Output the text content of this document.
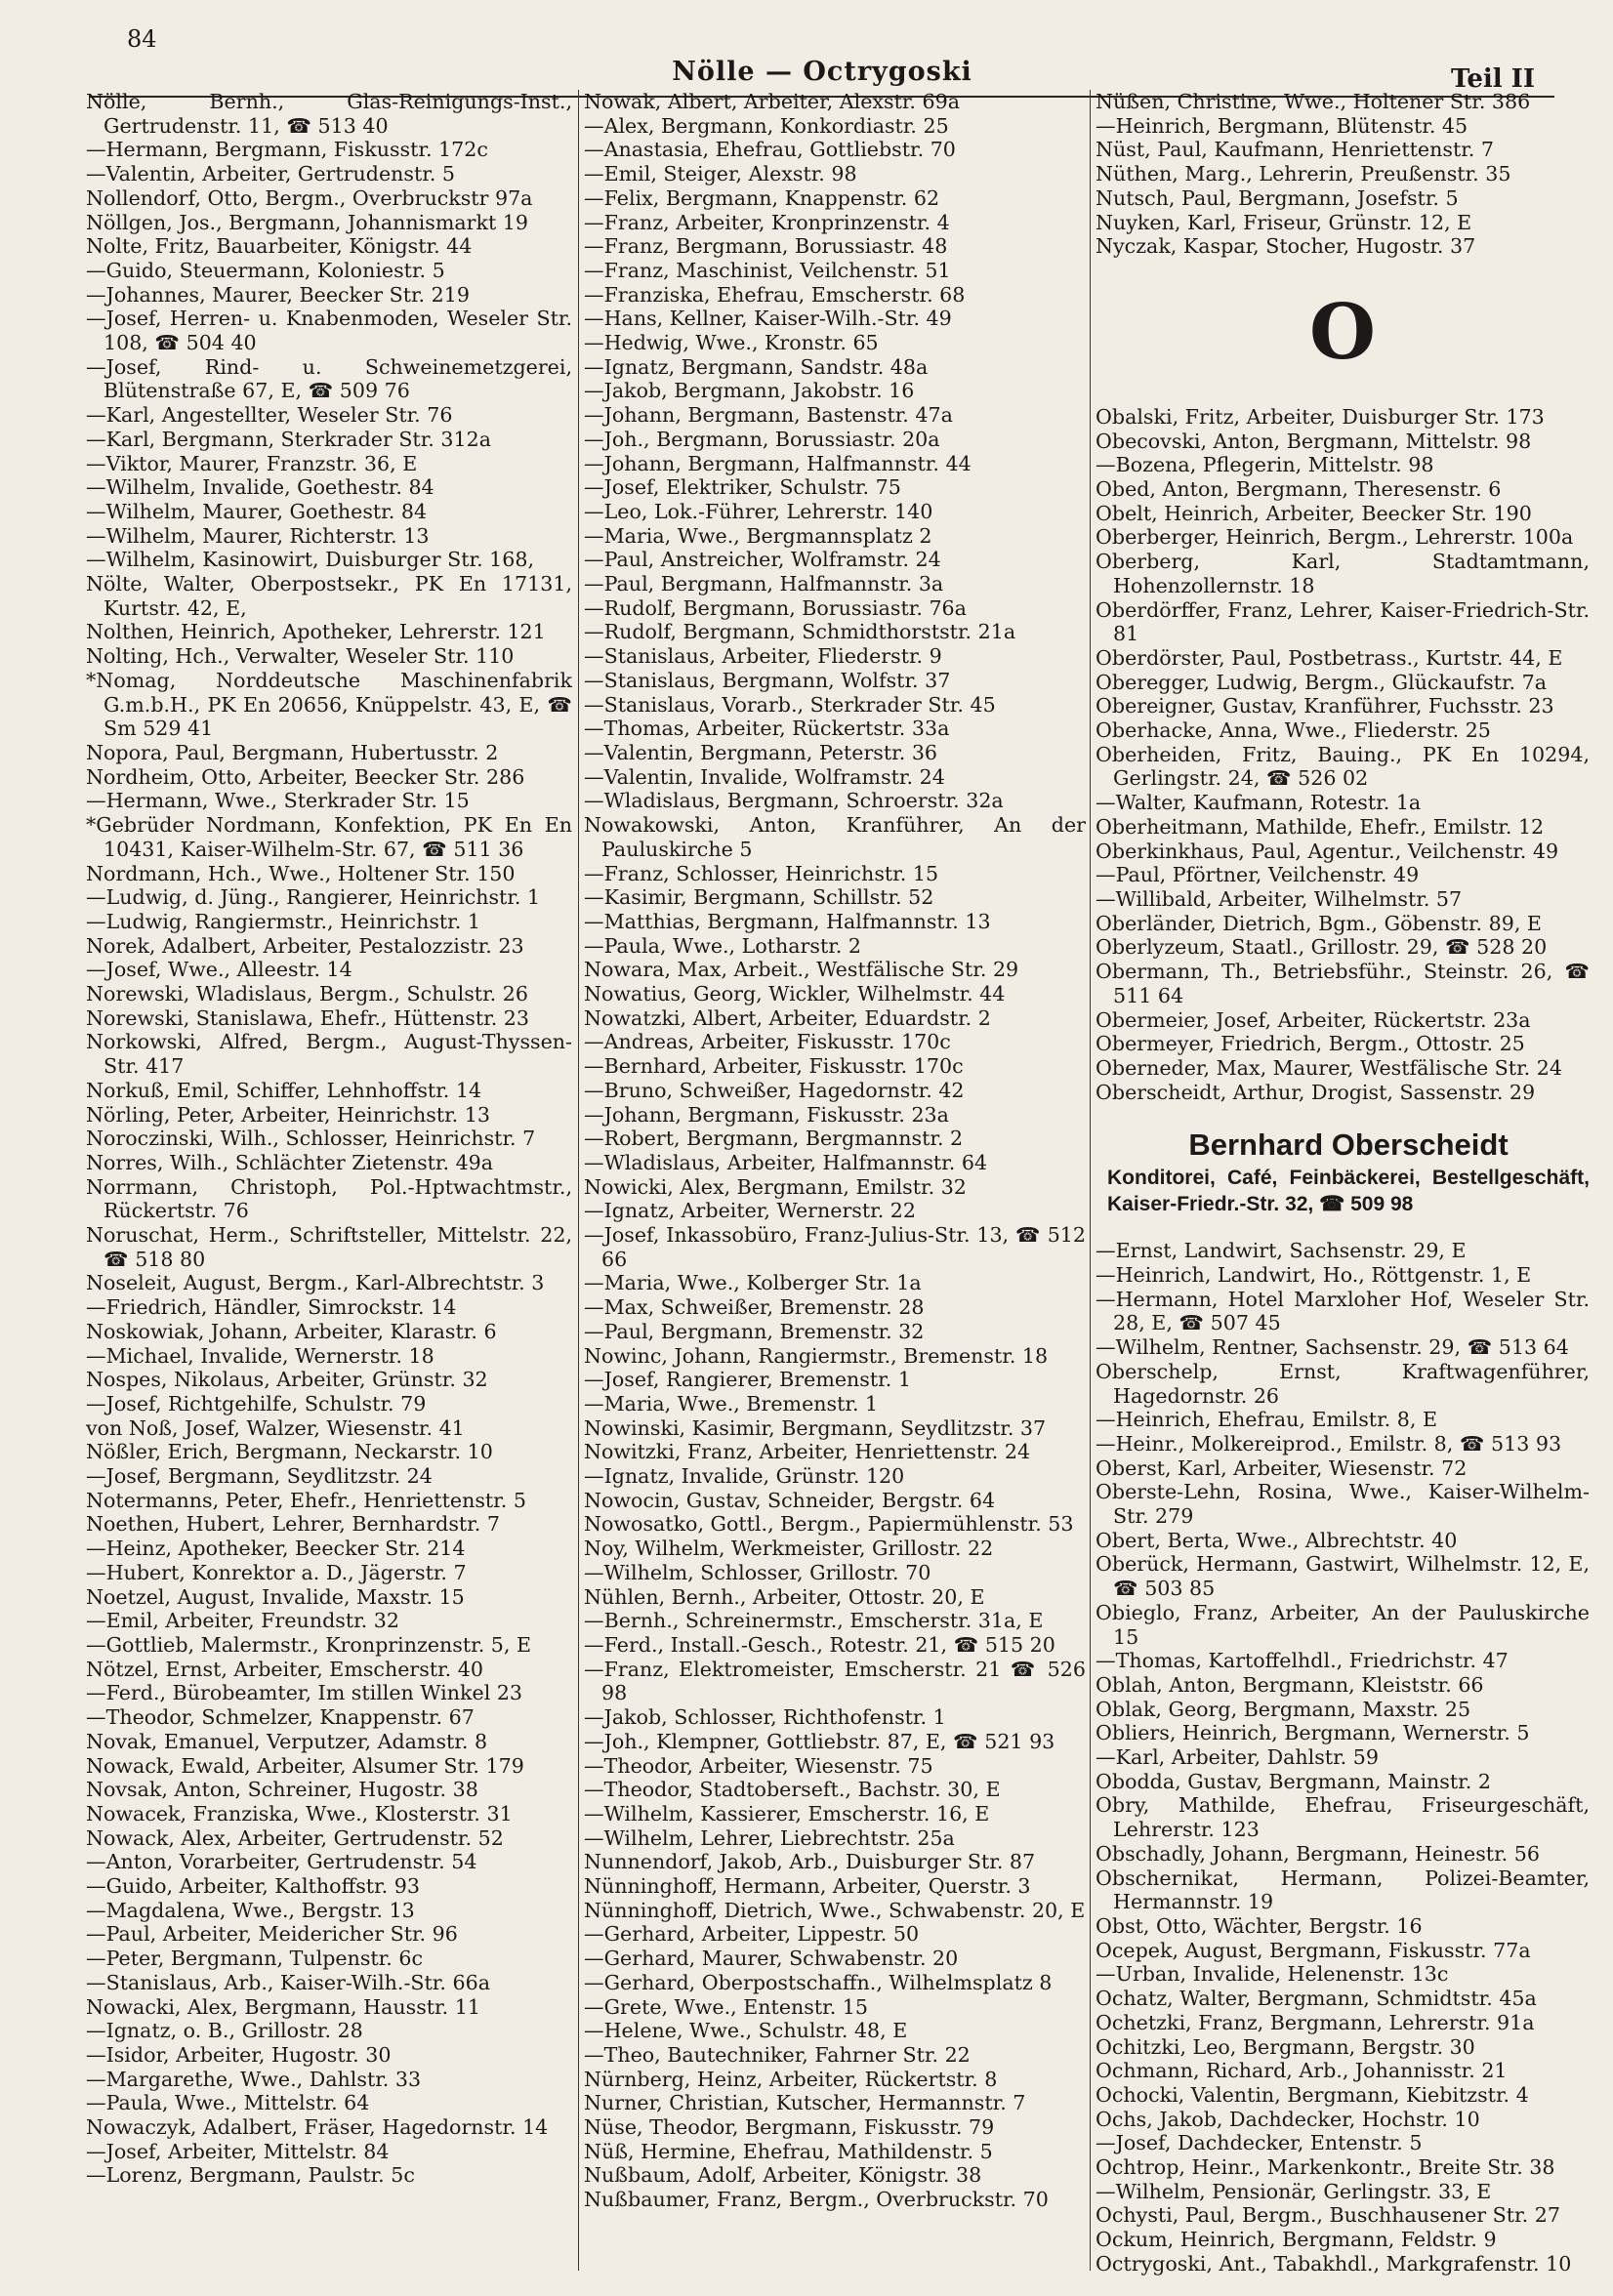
84
Nölle — Octrygoski	Teil II

Nölle, Bernh., Glas-Reinigungs-Inst., Gertrudenstr. 11, ☎ 513 40

—Hermann, Bergmann, Fiskusstr. 172c

—Valentin, Arbeiter, Gertrudenstr. 5

Nollendorf, Otto, Bergm., Overbruckstr 97a

Nöllgen, Jos., Bergmann, Johannismarkt 19

Nolte, Fritz, Bauarbeiter, Königstr. 44

—Guido, Steuermann, Koloniestr. 5

—Johannes, Maurer, Beecker Str. 219

—Josef, Herren- u. Knabenmoden, Weseler Str. 108, ☎ 504 40

—Josef, Rind- u. Schweinemetzgerei, Blütenstraße 67, E, ☎ 509 76

—Karl, Angestellter, Weseler Str. 76

—Karl, Bergmann, Sterkrader Str. 312a

—Viktor, Maurer, Franzstr. 36, E

—Wilhelm, Invalide, Goethestr. 84

—Wilhelm, Maurer, Goethestr. 84

—Wilhelm, Maurer, Richterstr. 13

—Wilhelm, Kasinowirt, Duisburger Str. 168,

Nölte, Walter, Oberpostsekr., PK En 17131, Kurtstr. 42, E,

Nolthen, Heinrich, Apotheker, Lehrerstr. 121

Nolting, Hch., Verwalter, Weseler Str. 110

*Nomag, Norddeutsche Maschinenfabrik G.m.b.H., PK En 20656, Knüppelstr. 43, E, ☎ Sm 529 41

Nopora, Paul, Bergmann, Hubertusstr. 2

Nordheim, Otto, Arbeiter, Beecker Str. 286

—Hermann, Wwe., Sterkrader Str. 15

*Gebrüder Nordmann, Konfektion, PK En En 10431, Kaiser-Wilhelm-Str. 67, ☎ 511 36

Nordmann, Hch., Wwe., Holtener Str. 150

—Ludwig, d. Jüng., Rangierer, Heinrichstr. 1

—Ludwig, Rangiermstr., Heinrichstr. 1

Norek, Adalbert, Arbeiter, Pestalozzistr. 23

—Josef, Wwe., Alleestr. 14

Norewski, Wladislaus, Bergm., Schulstr. 26

Norewski, Stanislawa, Ehefr., Hüttenstr. 23

Norkowski, Alfred, Bergm., August-Thyssen-Str. 417

Norkuß, Emil, Schiffer, Lehnhoffstr. 14

Nörling, Peter, Arbeiter, Heinrichstr. 13

Noroczinski, Wilh., Schlosser, Heinrichstr. 7

Norres, Wilh., Schlächter Zietenstr. 49a

Norrmann, Christoph, Pol.-Hptwachtmstr., Rückertstr. 76

Noruschat, Herm., Schriftsteller, Mittelstr. 22, ☎ 518 80

Noseleit, August, Bergm., Karl-Albrechtstr. 3

—Friedrich, Händler, Simrockstr. 14

Noskowiak, Johann, Arbeiter, Klarastr. 6

—Michael, Invalide, Wernerstr. 18

Nospes, Nikolaus, Arbeiter, Grünstr. 32

—Josef, Richtgehilfe, Schulstr. 79

von Noß, Josef, Walzer, Wiesenstr. 41

Nößler, Erich, Bergmann, Neckarstr. 10

—Josef, Bergmann, Seydlitzstr. 24

Notermanns, Peter, Ehefr., Henriettenstr. 5

Noethen, Hubert, Lehrer, Bernhardstr. 7

—Heinz, Apotheker, Beecker Str. 214

—Hubert, Konrektor a. D., Jägerstr. 7

Noetzel, August, Invalide, Maxstr. 15

—Emil, Arbeiter, Freundstr. 32

—Gottlieb, Malermstr., Kronprinzenstr. 5, E

Nötzel, Ernst, Arbeiter, Emscherstr. 40

—Ferd., Bürobeamter, Im stillen Winkel 23

—Theodor, Schmelzer, Knappenstr. 67

Novak, Emanuel, Verputzer, Adamstr. 8

Nowack, Ewald, Arbeiter, Alsumer Str. 179

Novsak, Anton, Schreiner, Hugostr. 38

Nowacek, Franziska, Wwe., Klosterstr. 31

Nowack, Alex, Arbeiter, Gertrudenstr. 52

—Anton, Vorarbeiter, Gertrudenstr. 54

—Guido, Arbeiter, Kalthoffstr. 93

—Magdalena, Wwe., Bergstr. 13

—Paul, Arbeiter, Meidericher Str. 96

—Peter, Bergmann, Tulpenstr. 6c

—Stanislaus, Arb., Kaiser-Wilh.-Str. 66a

Nowacki, Alex, Bergmann, Hausstr. 11

—Ignatz, o. B., Grillostr. 28

—Isidor, Arbeiter, Hugostr. 30

—Margarethe, Wwe., Dahlstr. 33

—Paula, Wwe., Mittelstr. 64

Nowaczyk, Adalbert, Fräser, Hagedornstr. 14

—Josef, Arbeiter, Mittelstr. 84

—Lorenz, Bergmann, Paulstr. 5c

Nowak, Albert, Arbeiter, Alexstr. 69a

—Alex, Bergmann, Konkordiastr. 25

—Anastasia, Ehefrau, Gottliebstr. 70

—Emil, Steiger, Alexstr. 98

—Felix, Bergmann, Knappenstr. 62

—Franz, Arbeiter, Kronprinzenstr. 4

—Franz, Bergmann, Borussiastr. 48

—Franz, Maschinist, Veilchenstr. 51

—Franziska, Ehefrau, Emscherstr. 68

—Hans, Kellner, Kaiser-Wilh.-Str. 49

—Hedwig, Wwe., Kronstr. 65

—Ignatz, Bergmann, Sandstr. 48a

—Jakob, Bergmann, Jakobstr. 16

—Johann, Bergmann, Bastenstr. 47a

—Joh., Bergmann, Borussiastr. 20a

—Johann, Bergmann, Halfmannstr. 44

—Josef, Elektriker, Schulstr. 75

—Leo, Lok.-Führer, Lehrerstr. 140

—Maria, Wwe., Bergmannsplatz 2

—Paul, Anstreicher, Wolframstr. 24

—Paul, Bergmann, Halfmannstr. 3a

—Rudolf, Bergmann, Borussiastr. 76a

—Rudolf, Bergmann, Schmidthorststr. 21a

—Stanislaus, Arbeiter, Fliederstr. 9

—Stanislaus, Bergmann, Wolfstr. 37

—Stanislaus, Vorarb., Sterkrader Str. 45

—Thomas, Arbeiter, Rückertstr. 33a

—Valentin, Bergmann, Peterstr. 36

—Valentin, Invalide, Wolframstr. 24

—Wladislaus, Bergmann, Schroerstr. 32a

Nowakowski, Anton, Kranführer, An der Pauluskirche 5

—Franz, Schlosser, Heinrichstr. 15

—Kasimir, Bergmann, Schillstr. 52

—Matthias, Bergmann, Halfmannstr. 13

—Paula, Wwe., Lotharstr. 2

Nowara, Max, Arbeit., Westfälische Str. 29

Nowatius, Georg, Wickler, Wilhelmstr. 44

Nowatzki, Albert, Arbeiter, Eduardstr. 2

—Andreas, Arbeiter, Fiskusstr. 170c

—Bernhard, Arbeiter, Fiskusstr. 170c

—Bruno, Schweißer, Hagedornstr. 42

—Johann, Bergmann, Fiskusstr. 23a

—Robert, Bergmann, Bergmannstr. 2

—Wladislaus, Arbeiter, Halfmannstr. 64

Nowicki, Alex, Bergmann, Emilstr. 32

—Ignatz, Arbeiter, Wernerstr. 22

—Josef, Inkassobüro, Franz-Julius-Str. 13, ☎ 512 66

—Maria, Wwe., Kolberger Str. 1a

—Max, Schweißer, Bremenstr. 28

—Paul, Bergmann, Bremenstr. 32

Nowinc, Johann, Rangiermstr., Bremenstr. 18

—Josef, Rangierer, Bremenstr. 1

—Maria, Wwe., Bremenstr. 1

Nowinski, Kasimir, Bergmann, Seydlitzstr. 37

Nowitzki, Franz, Arbeiter, Henriettenstr. 24

—Ignatz, Invalide, Grünstr. 120

Nowocin, Gustav, Schneider, Bergstr. 64

Nowosatko, Gottl., Bergm., Papiermühlenstr. 53

Noy, Wilhelm, Werkmeister, Grillostr. 22

—Wilhelm, Schlosser, Grillostr. 70

Nühlen, Bernh., Arbeiter, Ottostr. 20, E

—Bernh., Schreinermstr., Emscherstr. 31a, E

—Ferd., Install.-Gesch., Rotestr. 21, ☎ 515 20

—Franz, Elektromeister, Emscherstr. 21 ☎ 526 98

—Jakob, Schlosser, Richthofenstr. 1

—Joh., Klempner, Gottliebstr. 87, E, ☎ 521 93

—Theodor, Arbeiter, Wiesenstr. 75

—Theodor, Stadtoberseft., Bachstr. 30, E

—Wilhelm, Kassierer, Emscherstr. 16, E

—Wilhelm, Lehrer, Liebrechtstr. 25a

Nunnendorf, Jakob, Arb., Duisburger Str. 87

Nünninghoff, Hermann, Arbeiter, Querstr. 3

Nünninghoff, Dietrich, Wwe., Schwabenstr. 20, E

—Gerhard, Arbeiter, Lippestr. 50

—Gerhard, Maurer, Schwabenstr. 20

—Gerhard, Oberpostschaffn., Wilhelmsplatz 8

—Grete, Wwe., Entenstr. 15

—Helene, Wwe., Schulstr. 48, E

—Theo, Bautechniker, Fahrner Str. 22

Nürnberg, Heinz, Arbeiter, Rückertstr. 8

Nurner, Christian, Kutscher, Hermannstr. 7

Nüse, Theodor, Bergmann, Fiskusstr. 79

Nüß, Hermine, Ehefrau, Mathildenstr. 5

Nußbaum, Adolf, Arbeiter, Königstr. 38

Nußbaumer, Franz, Bergm., Overbruckstr. 70

Nüßen, Christine, Wwe., Holtener Str. 386

—Heinrich, Bergmann, Blütenstr. 45

Nüst, Paul, Kaufmann, Henriettenstr. 7

Nüthen, Marg., Lehrerin, Preußenstr. 35

Nutsch, Paul, Bergmann, Josefstr. 5

Nuyken, Karl, Friseur, Grünstr. 12, E

Nyczak, Kaspar, Stocher, Hugostr. 37

O

Obalski, Fritz, Arbeiter, Duisburger Str. 173

Obecovski, Anton, Bergmann, Mittelstr. 98

—Bozena, Pflegerin, Mittelstr. 98

Obed, Anton, Bergmann, Theresenstr. 6

Obelt, Heinrich, Arbeiter, Beecker Str. 190

Oberberger, Heinrich, Bergm., Lehrerstr. 100a

Oberberg, Karl, Stadtamtmann, Hohenzollernstr. 18

Oberdörffer, Franz, Lehrer, Kaiser-Friedrich-Str. 81

Oberdörster, Paul, Postbetrass., Kurtstr. 44, E

Oberegger, Ludwig, Bergm., Glückaufstr. 7a

Obereigner, Gustav, Kranführer, Fuchsstr. 23

Oberhacke, Anna, Wwe., Fliederstr. 25

Oberheiden, Fritz, Bauing., PK En 10294, Gerlingstr. 24, ☎ 526 02

—Walter, Kaufmann, Rotestr. 1a

Oberheitmann, Mathilde, Ehefr., Emilstr. 12

Oberkinkhaus, Paul, Agentur., Veilchenstr. 49

—Paul, Pförtner, Veilchenstr. 49

—Willibald, Arbeiter, Wilhelmstr. 57

Oberländer, Dietrich, Bgm., Göbenstr. 89, E

Oberlyzeum, Staatl., Grillostr. 29, ☎ 528 20

Obermann, Th., Betriebsführ., Steinstr. 26, ☎ 511 64

Obermeier, Josef, Arbeiter, Rückertstr. 23a

Obermeyer, Friedrich, Bergm., Ottostr. 25

Oberneder, Max, Maurer, Westfälische Str. 24

Oberscheidt, Arthur, Drogist, Sassenstr. 29

Bernhard Oberscheidt
Konditorei, Café, Feinbäckerei, Bestellgeschäft, Kaiser-Friedr.-Str. 32, ☎ 509 98

—Ernst, Landwirt, Sachsenstr. 29, E

—Heinrich, Landwirt, Ho., Röttgenstr. 1, E

—Hermann, Hotel Marxloher Hof, Weseler Str. 28, E, ☎ 507 45

—Wilhelm, Rentner, Sachsenstr. 29, ☎ 513 64

Oberschelp, Ernst, Kraftwagenführer, Hagedornstr. 26

—Heinrich, Ehefrau, Emilstr. 8, E

—Heinr., Molkereiprod., Emilstr. 8, ☎ 513 93

Oberst, Karl, Arbeiter, Wiesenstr. 72

Oberste-Lehn, Rosina, Wwe., Kaiser-Wilhelm-Str. 279

Obert, Berta, Wwe., Albrechtstr. 40

Oberück, Hermann, Gastwirt, Wilhelmstr. 12, E, ☎ 503 85

Obieglo, Franz, Arbeiter, An der Pauluskirche 15

—Thomas, Kartoffelhdl., Friedrichstr. 47

Oblah, Anton, Bergmann, Kleiststr. 66

Oblak, Georg, Bergmann, Maxstr. 25

Obliers, Heinrich, Bergmann, Wernerstr. 5

—Karl, Arbeiter, Dahlstr. 59

Obodda, Gustav, Bergmann, Mainstr. 2

Obry, Mathilde, Ehefrau, Friseurgeschäft, Lehrerstr. 123

Obschadly, Johann, Bergmann, Heinestr. 56

Obschernikat, Hermann, Polizei-Beamter, Hermannstr. 19

Obst, Otto, Wächter, Bergstr. 16

Ocepek, August, Bergmann, Fiskusstr. 77a

—Urban, Invalide, Helenenstr. 13c

Ochatz, Walter, Bergmann, Schmidtstr. 45a

Ochetzki, Franz, Bergmann, Lehrerstr. 91a

Ochitzki, Leo, Bergmann, Bergstr. 30

Ochmann, Richard, Arb., Johannisstr. 21

Ochocki, Valentin, Bergmann, Kiebitzstr. 4

Ochs, Jakob, Dachdecker, Hochstr. 10

—Josef, Dachdecker, Entenstr. 5

Ochtrop, Heinr., Markenkontr., Breite Str. 38

—Wilhelm, Pensionär, Gerlingstr. 33, E

Ochysti, Paul, Bergm., Buschhausener Str. 27

Ockum, Heinrich, Bergmann, Feldstr. 9

Octrygoski, Ant., Tabakhdl., Markgrafenstr. 10
